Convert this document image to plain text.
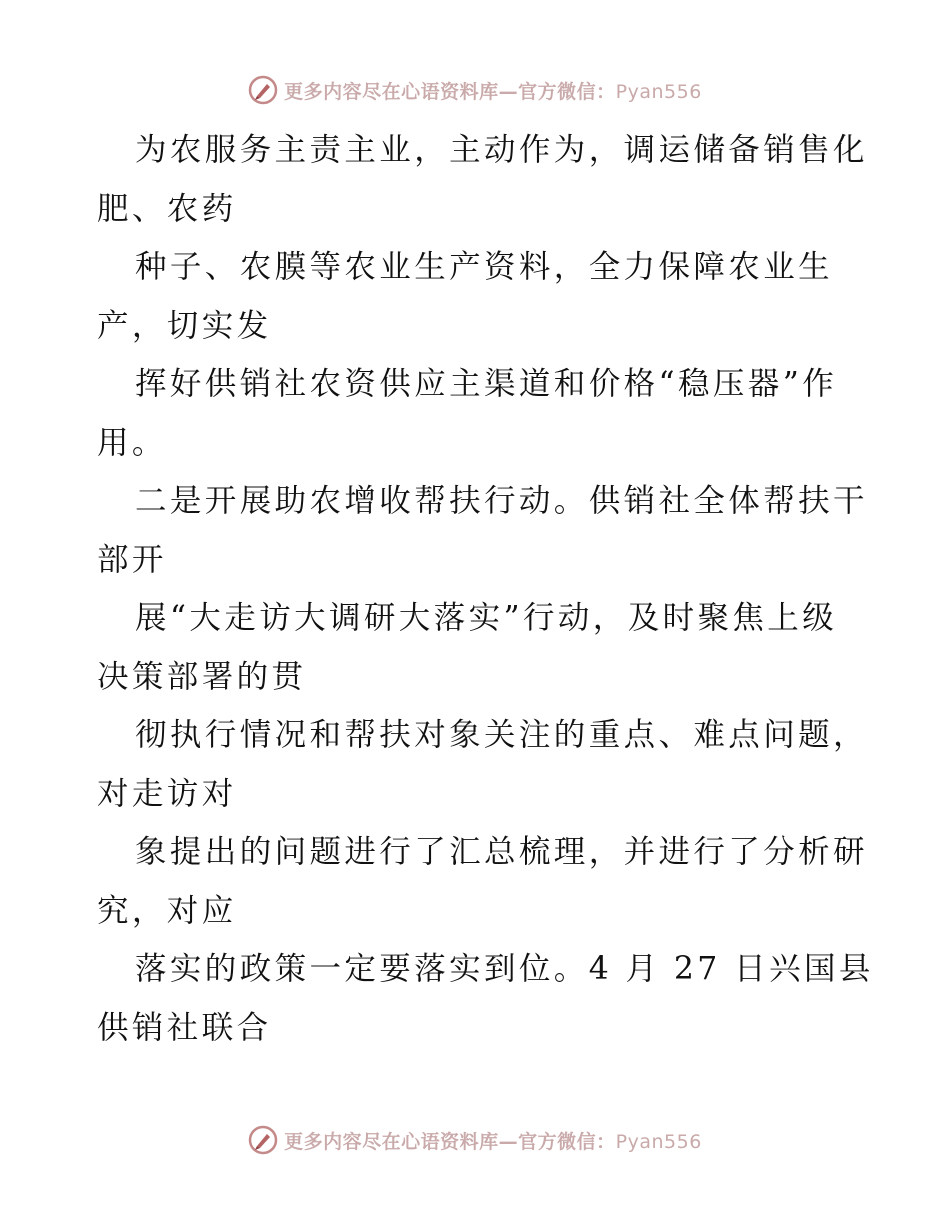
更多内容尽在心语资料库—官方微信：Pyan556
为农服务主责主业，主动作为，调运储备销售化
肥、农药
种子、农膜等农业生产资料，全力保障农业生
产，切实发
挥好供销社农资供应主渠道和价格“稳压器”作
用。
二是开展助农增收帮扶行动。供销社全体帮扶干
部开
展“大走访大调研大落实”行动，及时聚焦上级
决策部署的贯
彻执行情况和帮扶对象关注的重点、难点问题，
对走访对
象提出的问题进行了汇总梳理，并进行了分析研
究，对应
落实的政策一定要落实到位。4 月 27 日兴国县
供销社联合
更多内容尽在心语资料库—官方微信：Pyan556
